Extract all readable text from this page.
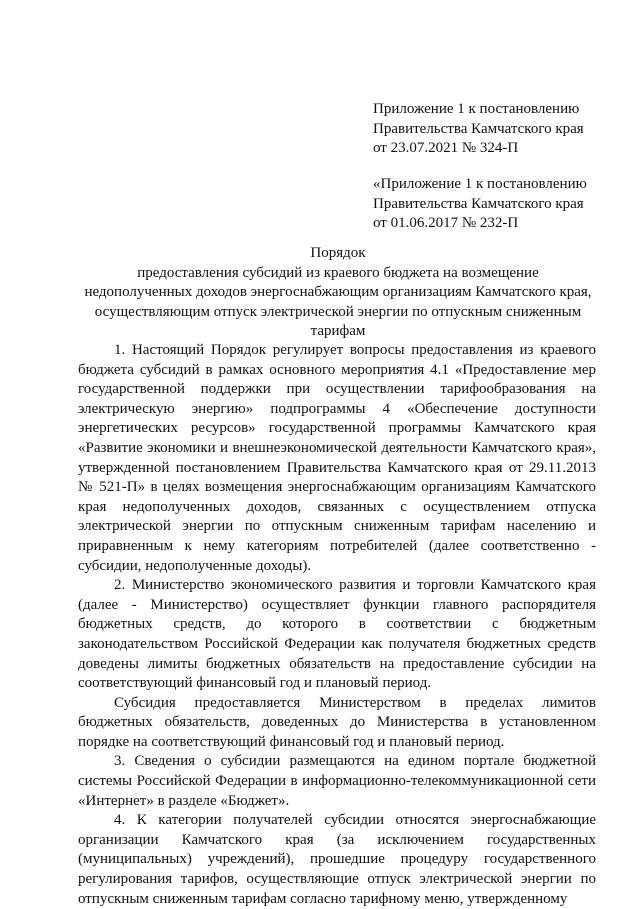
Приложение 1 к постановлению
Правительства Камчатского края
от 23.07.2021 № 324-П
«Приложение 1 к постановлению
Правительства Камчатского края
от 01.06.2017 № 232-П
Порядок
предоставления субсидий из краевого бюджета на возмещение
недополученных доходов энергоснабжающим организациям Камчатского края,
осуществляющим отпуск электрической энергии по отпускным сниженным
тарифам

1. Настоящий Порядок регулирует вопросы предоставления из краевого бюджета субсидий в рамках основного мероприятия 4.1 «Предоставление мер государственной поддержки при осуществлении тарифообразования на электрическую энергию» подпрограммы 4 «Обеспечение доступности энергетических ресурсов» государственной программы Камчатского края «Развитие экономики и внешнеэкономической деятельности Камчатского края», утвержденной постановлением Правительства Камчатского края от 29.11.2013 № 521-П» в целях возмещения энергоснабжающим организациям Камчатского края недополученных доходов, связанных с осуществлением отпуска электрической энергии по отпускным сниженным тарифам населению и приравненным к нему категориям потребителей (далее соответственно - субсидии, недополученные доходы).

2. Министерство экономического развития и торговли Камчатского края (далее - Министерство) осуществляет функции главного распорядителя бюджетных средств, до которого в соответствии с бюджетным законодательством Российской Федерации как получателя бюджетных средств доведены лимиты бюджетных обязательств на предоставление субсидии на соответствующий финансовый год и плановый период.

Субсидия предоставляется Министерством в пределах лимитов бюджетных обязательств, доведенных до Министерства в установленном порядке на соответствующий финансовый год и плановый период.

3. Сведения о субсидии размещаются на едином портале бюджетной системы Российской Федерации в информационно-телекоммуникационной сети «Интернет» в разделе «Бюджет».

4. К категории получателей субсидии относятся энергоснабжающие организации Камчатского края (за исключением государственных (муниципальных) учреждений), прошедшие процедуру государственного регулирования тарифов, осуществляющие отпуск электрической энергии по отпускным сниженным тарифам согласно тарифному меню, утвержденному
